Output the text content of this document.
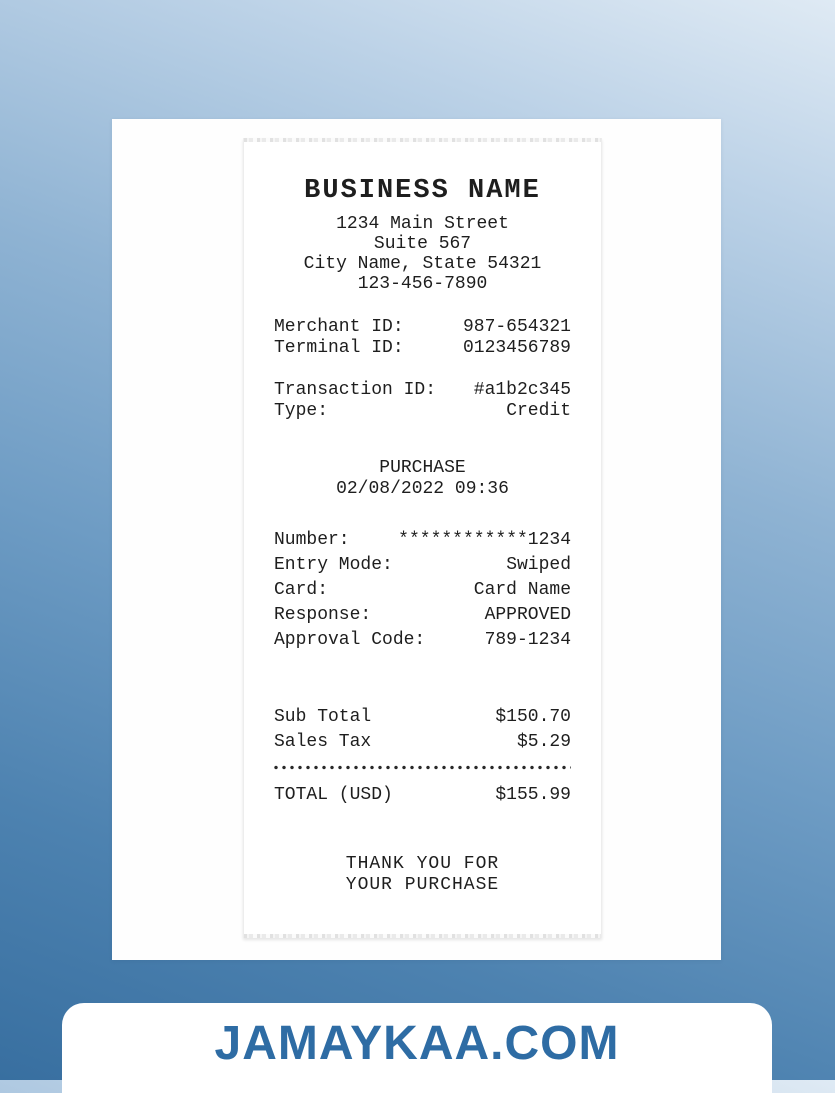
BUSINESS NAME
1234 Main Street
Suite 567
City Name, State 54321
123-456-7890
Merchant ID:	987-654321
Terminal ID:	0123456789
Transaction ID: #a1b2c345
Type:	Credit
PURCHASE
02/08/2022 09:36
Number:	************1234
Entry Mode:	Swiped
Card:	Card Name
Response:	APPROVED
Approval Code:	789-1234
Sub Total	$150.70
Sales Tax	$5.29
TOTAL (USD)	$155.99
THANK YOU FOR
YOUR PURCHASE
JAMAYKAA.COM
